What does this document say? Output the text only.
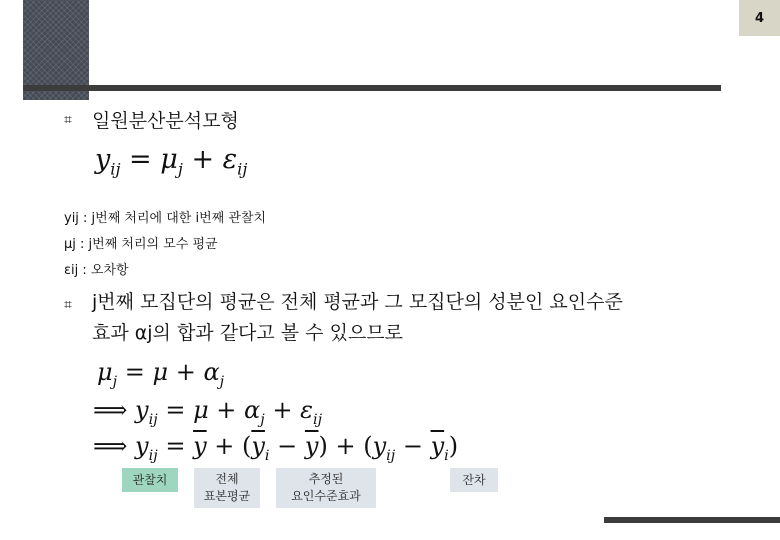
4
⌗ 일원분산분석모형
$y_{ij} = \mu_j + \varepsilon_{ij}$
yij : j번째 처리에 대한 i번째 관찰치
μj : j번째 처리의 모수 평균
εij : 오차항
⌗ j번째 모집단의 평균은 전체 평균과 그 모집단의 성분인 요인수준
효과 αj의 합과 같다고 볼 수 있으므로
$\mu_j = \mu + \alpha_j$
⟹ $y_{ij} = \mu + \alpha_j + \varepsilon_{ij}$
⟹ $y_{ij} = \overline{y} + (\overline{y}_i - \overline{y}) + (y_{ij} - \overline{y}_i)$
관찰치	전체
표본평균
추정된
요인수준효과
잔차
